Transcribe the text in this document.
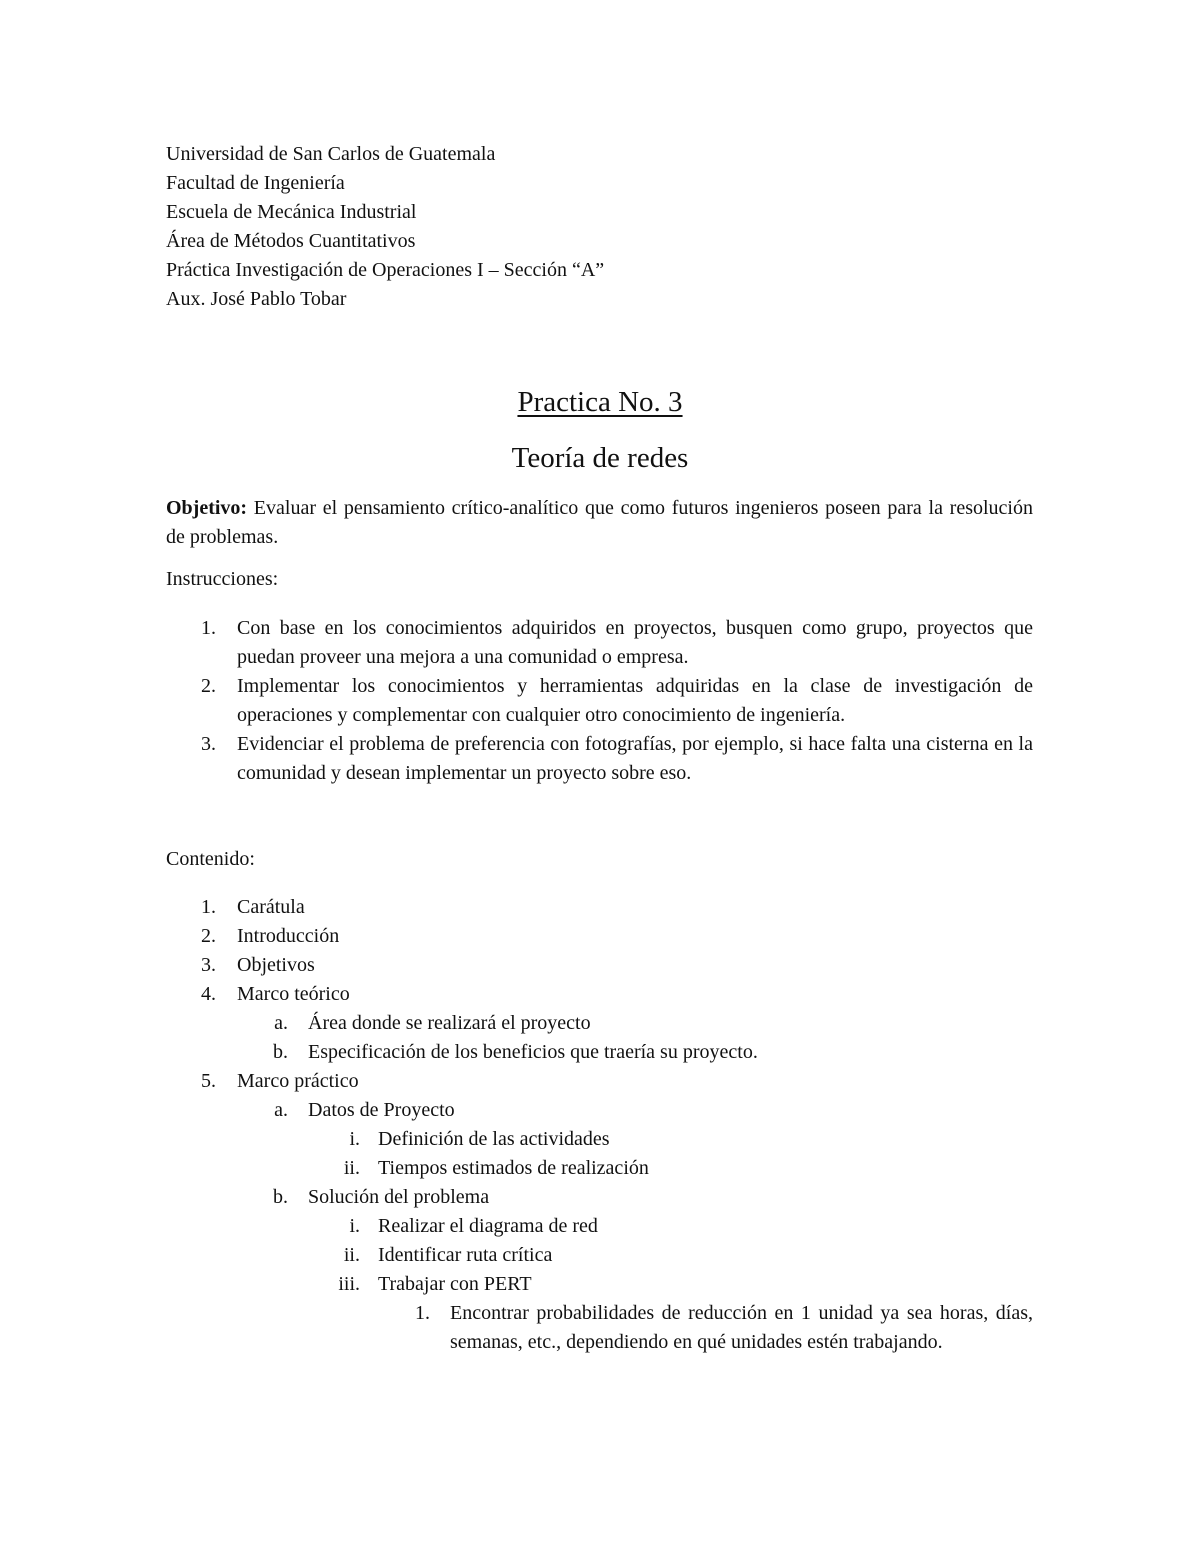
Universidad de San Carlos de Guatemala
Facultad de Ingeniería
Escuela de Mecánica Industrial
Área de Métodos Cuantitativos
Práctica Investigación de Operaciones I – Sección “A”
Aux. José Pablo Tobar
Practica No. 3
Teoría de redes
Objetivo: Evaluar el pensamiento crítico-analítico que como futuros ingenieros poseen para la resolución de problemas.
Instrucciones:
1. Con base en los conocimientos adquiridos en proyectos, busquen como grupo, proyectos que puedan proveer una mejora a una comunidad o empresa.
2. Implementar los conocimientos y herramientas adquiridas en la clase de investigación de operaciones y complementar con cualquier otro conocimiento de ingeniería.
3. Evidenciar el problema de preferencia con fotografías, por ejemplo, si hace falta una cisterna en la comunidad y desean implementar un proyecto sobre eso.
Contenido:
1. Carátula
2. Introducción
3. Objetivos
4. Marco teórico
a. Área donde se realizará el proyecto
b. Especificación de los beneficios que traería su proyecto.
5. Marco práctico
a. Datos de Proyecto
i. Definición de las actividades
ii. Tiempos estimados de realización
b. Solución del problema
i. Realizar el diagrama de red
ii. Identificar ruta crítica
iii. Trabajar con PERT
1. Encontrar probabilidades de reducción en 1 unidad ya sea horas, días, semanas, etc., dependiendo en qué unidades estén trabajando.
